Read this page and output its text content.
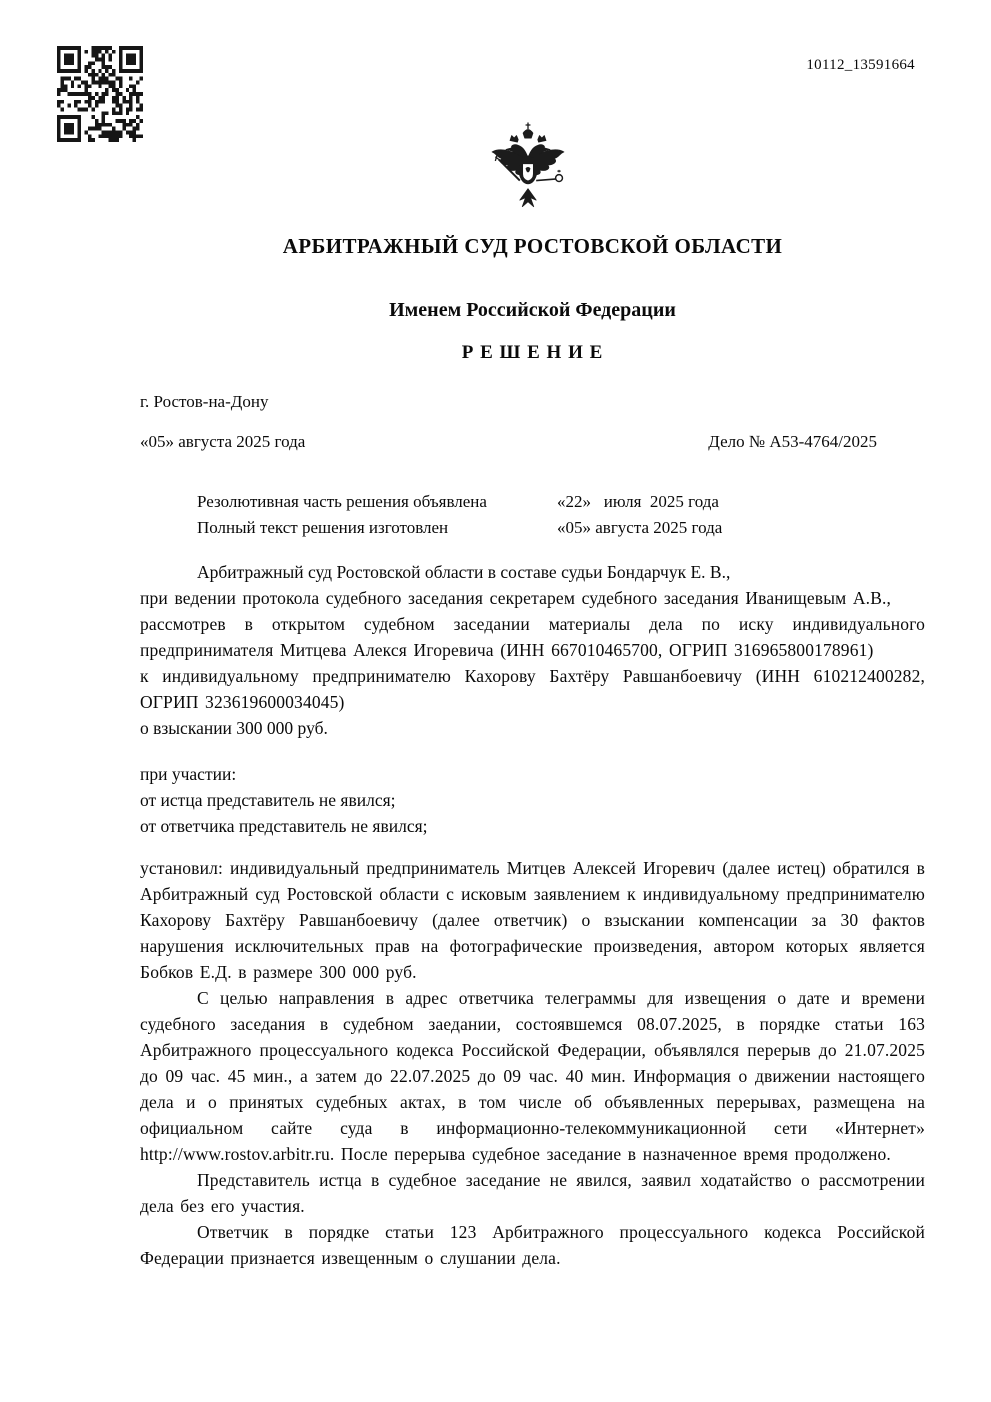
10112_13591664
АРБИТРАЖНЫЙ СУД РОСТОВСКОЙ ОБЛАСТИ
Именем Российской Федерации
Р Е Ш Е Н И Е
г. Ростов-на-Дону
«05» августа 2025 года	Дело № А53-4764/2025
Резолютивная часть решения объявлена	«22»   июля  2025 года
Полный текст решения изготовлен	«05» августа 2025 года

Арбитражный суд Ростовской области в составе судьи Бондарчук Е. В.,

при ведении протокола судебного заседания секретарем судебного заседания Иванищевым А.В.,

рассмотрев в открытом судебном заседании материалы дела по иску индивидуального предпринимателя Митцева Алекся Игоревича (ИНН 667010465700, ОГРИП 316965800178961)

к индивидуальному предпринимателю Кахорову Бахтёру Равшанбоевичу (ИНН 610212400282, ОГРИП 323619600034045)

о взыскании 300 000 руб.

при участии:

от истца представитель не явился;

от ответчика представитель не явился;

установил: индивидуальный предприниматель Митцев Алексей Игоревич (далее истец) обратился в Арбитражный суд Ростовской области с исковым заявлением к индивидуальному предпринимателю Кахорову Бахтёру Равшанбоевичу (далее ответчик) о взыскании компенсации за 30 фактов нарушения исключительных прав на фотографические произведения, автором которых является Бобков Е.Д. в размере 300 000 руб.

С целью направления в адрес ответчика телеграммы для извещения о дате и времени судебного заседания в судебном заедании, состоявшемся 08.07.2025, в порядке статьи 163 Арбитражного процессуального кодекса Российской Федерации, объявлялся перерыв до 21.07.2025 до 09 час. 45 мин., а затем до 22.07.2025 до 09 час. 40 мин. Информация о движении настоящего дела и о принятых судебных актах, в том числе об объявленных перерывах, размещена на официальном сайте суда в информационно-телекоммуникационной сети «Интернет» http://www.rostov.arbitr.ru. После перерыва судебное заседание в назначенное время продолжено.

Представитель истца в судебное заседание не явился, заявил ходатайство о рассмотрении дела без его участия.

Ответчик в порядке статьи 123 Арбитражного процессуального кодекса Российской Федерации признается извещенным о слушании дела.
